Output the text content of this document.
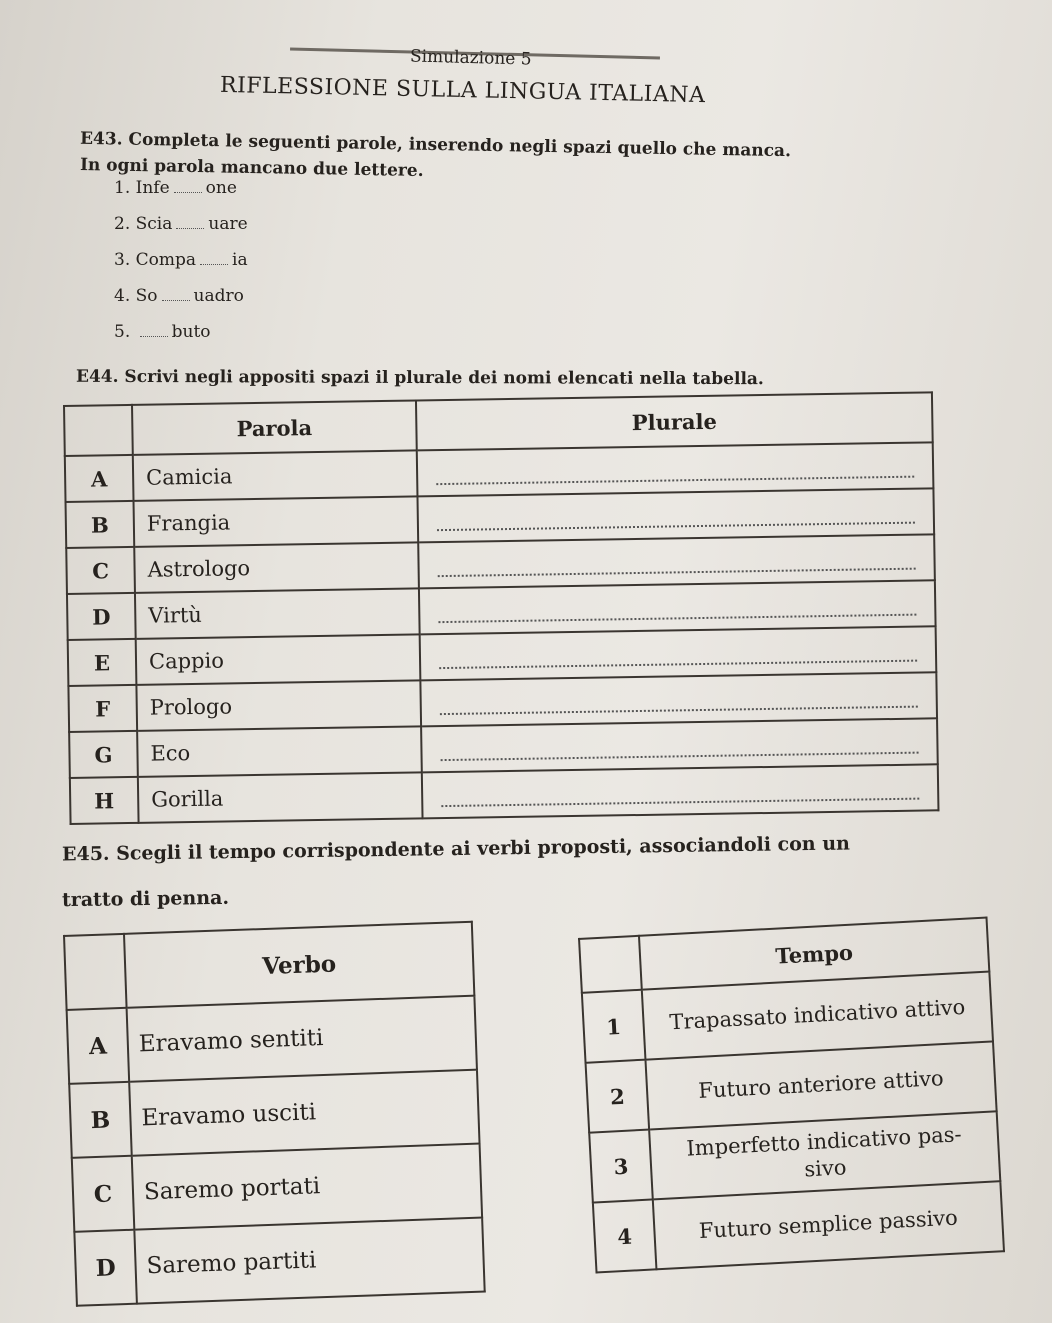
Simulazione 5
RIFLESSIONE SULLA LINGUA ITALIANA
E43. Completa le seguenti parole, inserendo negli spazi quello che manca.
In ogni parola mancano due lettere.
1. Infe one
2. Scia uare
3. Compa ia
4. So uadro
5. buto
E44. Scrivi negli appositi spazi il plurale dei nomi elencati nella tabella.
	Parola	Plurale
A	Camicia	

B	Frangia	

C	Astrologo	

D	Virtù	

E	Cappio	

F	Prologo	

G	Eco	

H	Gorilla	
E45. Scegli il tempo corrispondente ai verbi proposti, associandoli con un
tratto di penna.
	Verbo
A	Eravamo sentiti
B	Eravamo usciti
C	Saremo portati
D	Saremo partiti
	Tempo
1	Trapassato indicativo attivo
2	Futuro anteriore attivo
3	Imperfetto indicativo pas-
sivo
4	Futuro semplice passivo
